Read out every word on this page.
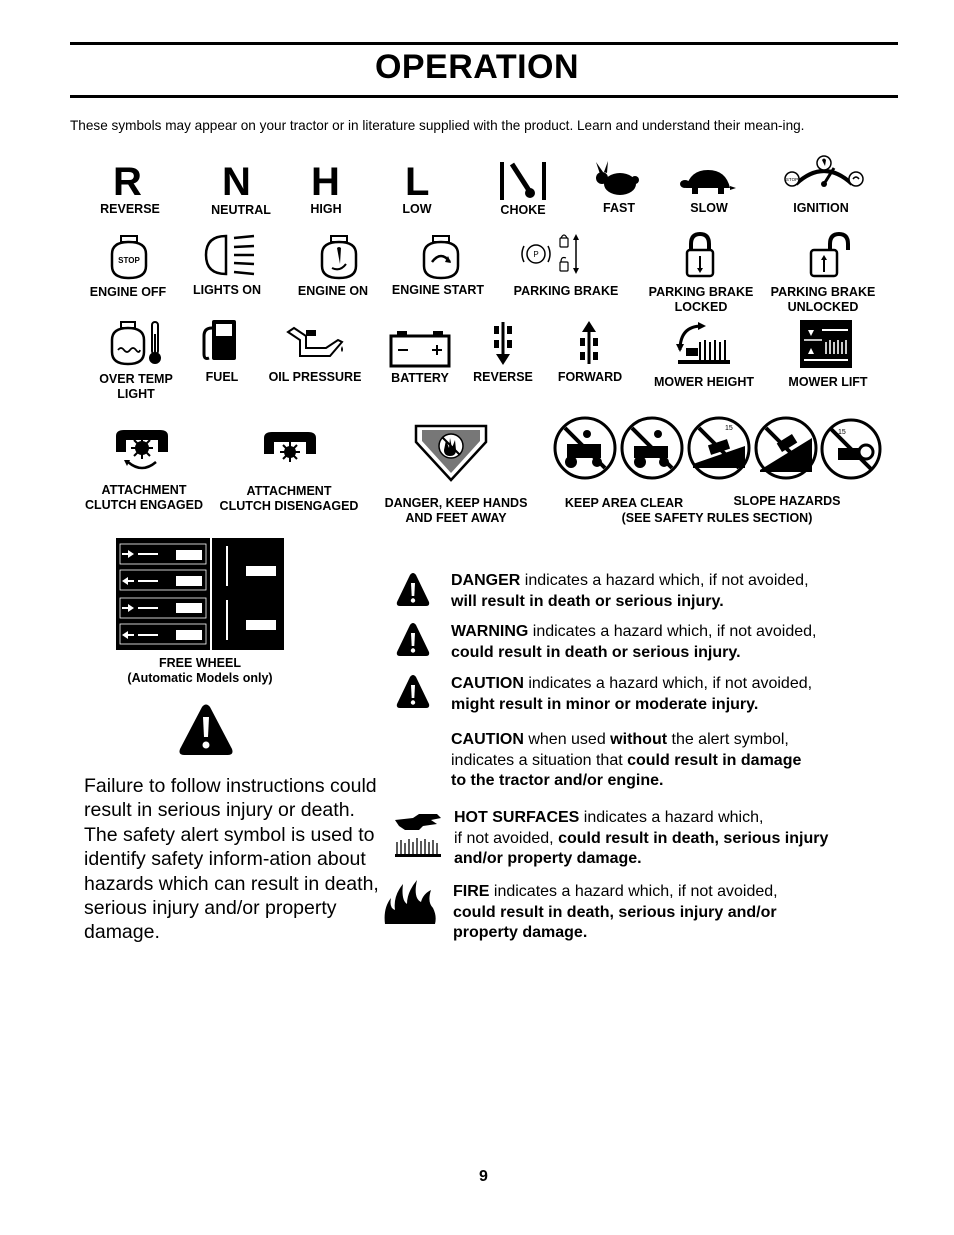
OPERATION
These symbols may appear on your tractor or in literature supplied with the product. Learn and understand their mean-ing.
R N H L	STOP
REVERSE	NEUTRAL	HIGH	LOW	CHOKE	FAST	SLOW	IGNITION
STOP
P
ENGINE OFF	LIGHTS ON	ENGINE ON	ENGINE START	PARKING BRAKE	PARKING BRAKE
LOCKED
PARKING BRAKE
UNLOCKED
OVER TEMP
LIGHT
FUEL	OIL PRESSURE	BATTERY	REVERSE	FORWARD	MOWER HEIGHT	MOWER LIFT
15
15
ATTACHMENT
CLUTCH ENGAGED
ATTACHMENT
CLUTCH DISENGAGED	DANGER, KEEP HANDS
AND FEET AWAY
KEEP AREA CLEAR	SLOPE HAZARDS
(SEE SAFETY RULES SECTION)
FREE WHEEL
(Automatic Models only)
Failure to follow instructions could result in serious injury or death. The safety alert symbol is used to identify safety inform-ation about hazards which can result in death, serious injury and/or property damage.
DANGER indicates a hazard which, if not avoided,
will result in death or serious injury.
WARNING indicates a hazard which, if not avoided,
could result in death or serious injury.
CAUTION indicates a hazard which, if not avoided,
might result in minor or moderate injury.
CAUTION when used without the alert symbol,
indicates a situation that could result in damage
to the tractor and/or engine.
HOT SURFACES indicates a hazard which,
if not avoided, could result in death, serious injury
and/or property damage.
FIRE indicates a hazard which, if not avoided,
could result in death, serious injury and/or
property damage.
9
